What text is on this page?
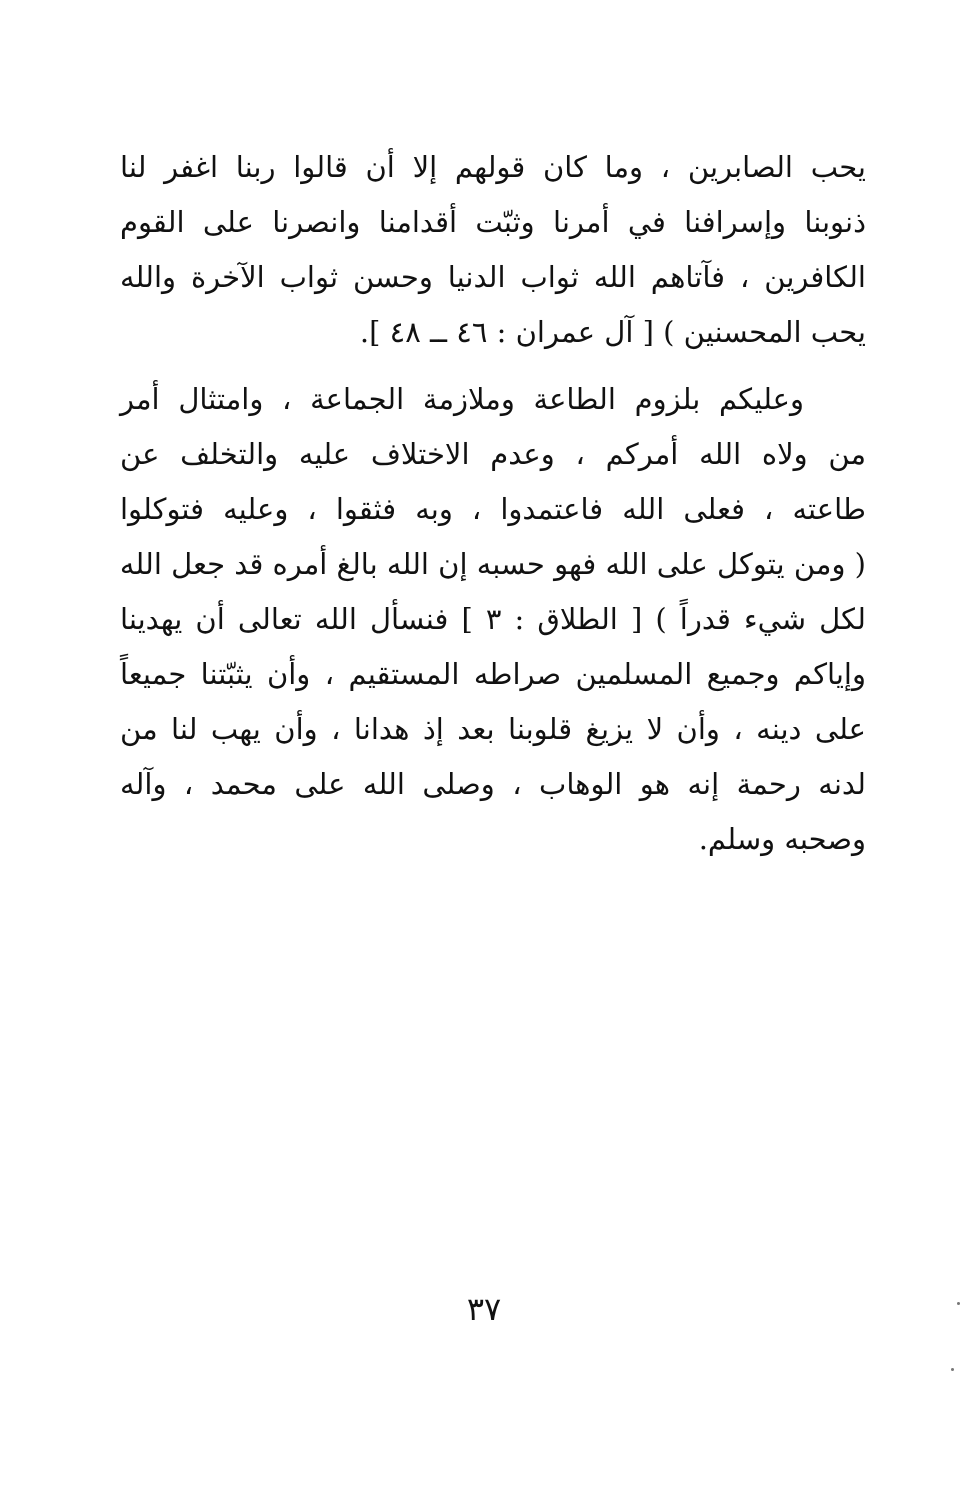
يحب الصابرين ، وما كان قولهم إلا أن قالوا ربنا اغفر لنا
ذنوبنا وإسرافنا في أمرنا وثبّت أقدامنا وانصرنا على القوم
الكافرين ، فآتاهم الله ثواب الدنيا وحسن ثواب الآخرة والله
يحب المحسنين ) [ آل عمران : ٤٦ ــ ٤٨ ].
وعليكم بلزوم الطاعة وملازمة الجماعة ، وامتثال أمر
من ولاه الله أمركم ، وعدم الاختلاف عليه والتخلف عن
طاعته ، فعلى الله فاعتمدوا ، وبه فثقوا ، وعليه فتوكلوا
( ومن يتوكل على الله فهو حسبه إن الله بالغ أمره قد جعل الله
لكل شيء قدراً ) [ الطلاق : ٣ ] فنسأل الله تعالى أن يهدينا
وإياكم وجميع المسلمين صراطه المستقيم ، وأن يثبّتنا جميعاً
على دينه ، وأن لا يزيغ قلوبنا بعد إذ هدانا ، وأن يهب لنا من
لدنه رحمة إنه هو الوهاب ، وصلى الله على محمد ، وآله
وصحبه وسلم.
٣٧
